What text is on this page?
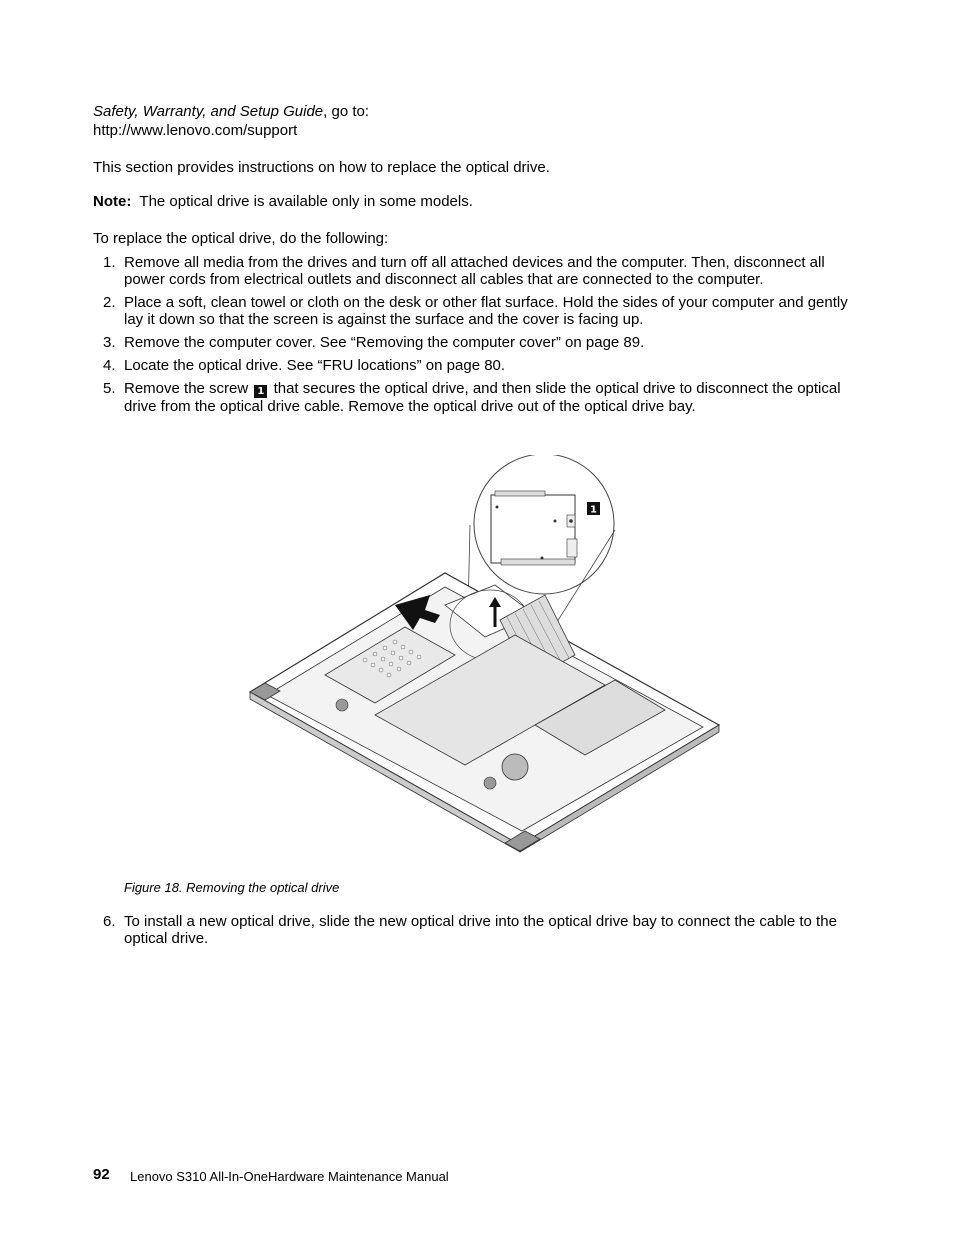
Safety, Warranty, and Setup Guide, go to:
http://www.lenovo.com/support
This section provides instructions on how to replace the optical drive.
Note: The optical drive is available only in some models.
To replace the optical drive, do the following:
1. Remove all media from the drives and turn off all attached devices and the computer. Then, disconnect all power cords from electrical outlets and disconnect all cables that are connected to the computer.
2. Place a soft, clean towel or cloth on the desk or other flat surface. Hold the sides of your computer and gently lay it down so that the screen is against the surface and the cover is facing up.
3. Remove the computer cover. See “Removing the computer cover” on page 89.
4. Locate the optical drive. See “FRU locations” on page 80.
5. Remove the screw 1 that secures the optical drive, and then slide the optical drive to disconnect the optical drive from the optical drive cable. Remove the optical drive out of the optical drive bay.
1
Figure 18. Removing the optical drive
6. To install a new optical drive, slide the new optical drive into the optical drive bay to connect the cable to the optical drive.
92 Lenovo S310 All-In-OneHardware Maintenance Manual
